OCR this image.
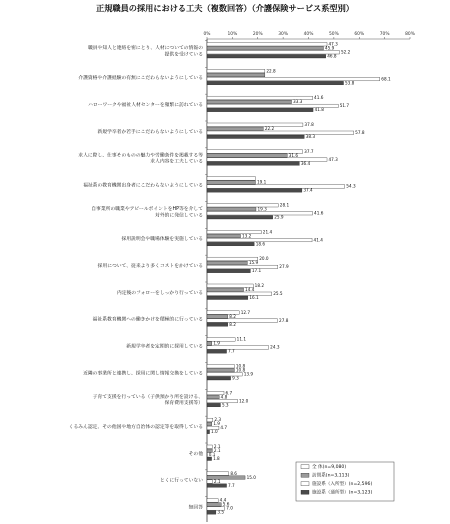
正規職員の採用における工夫（複数回答）（介護保険サービス系型別）
0%	10%	20%	30%	40%	50%	60%	70%	80%
職員や知人と連絡を密にとり、人材についての情報の
提供を受けている
47.3
45.9
52.2
46.8
介護資格や介護経験の有無にこだわらないようにしている
22.8
68.1
53.8
ハローワークや福祉人材センターを頻繁に訪れている
41.6
33.3
51.7
41.8
新規学卒者か若手にこだわらないようにしている
37.8
22.2
57.8
38.3
求人に際し、仕事そのものの魅力や労働条件を掲載する等
求人内容を工夫している
37.7
31.6
47.3
36.4
福祉系の教育機関出身者にこだわらないようにしている
19.1
54.3
37.4
自事業所の職業やアピールポイントをHP等を介して
対外的に発信している
28.1
19.3
41.6
25.9
採用説明会や職場体験を実施している
21.4
13.2
41.4
18.6
採用について、従来より多くコストをかけている
20.0
15.9
27.9
17.1
内定後のフォローをしっかり行っている
18.2
14.4
25.5
16.1
福祉系教育機関への働きかけを積極的に行っている
12.7
8.2
27.8
8.2
新規学卒者を定期的に採用している
11.1
1.9
24.3
7.7
近隣の事業所と連携し、採用に関し情報交換をしている
10.8
10.8
13.9
9.3
子育て支援を行っている（子供預かり所を設ける、
保育費用支援等）
6.7
4.8
12.0
5.3
くるみん認定、その他国や地方自治体の認定等を取得している
2.3
1.9
4.7
1.0
その他
2.1
2.1
0.1
1.8
とくに行っていない
8.6
15.0
2.1
7.7
無回答
4.4
5.6
7.0
3.5
全 体(n=9,080)
訪問系(n=3,113)
施設系（入所型）(n=2,596)
施設系（通所型）(n=3,123)
